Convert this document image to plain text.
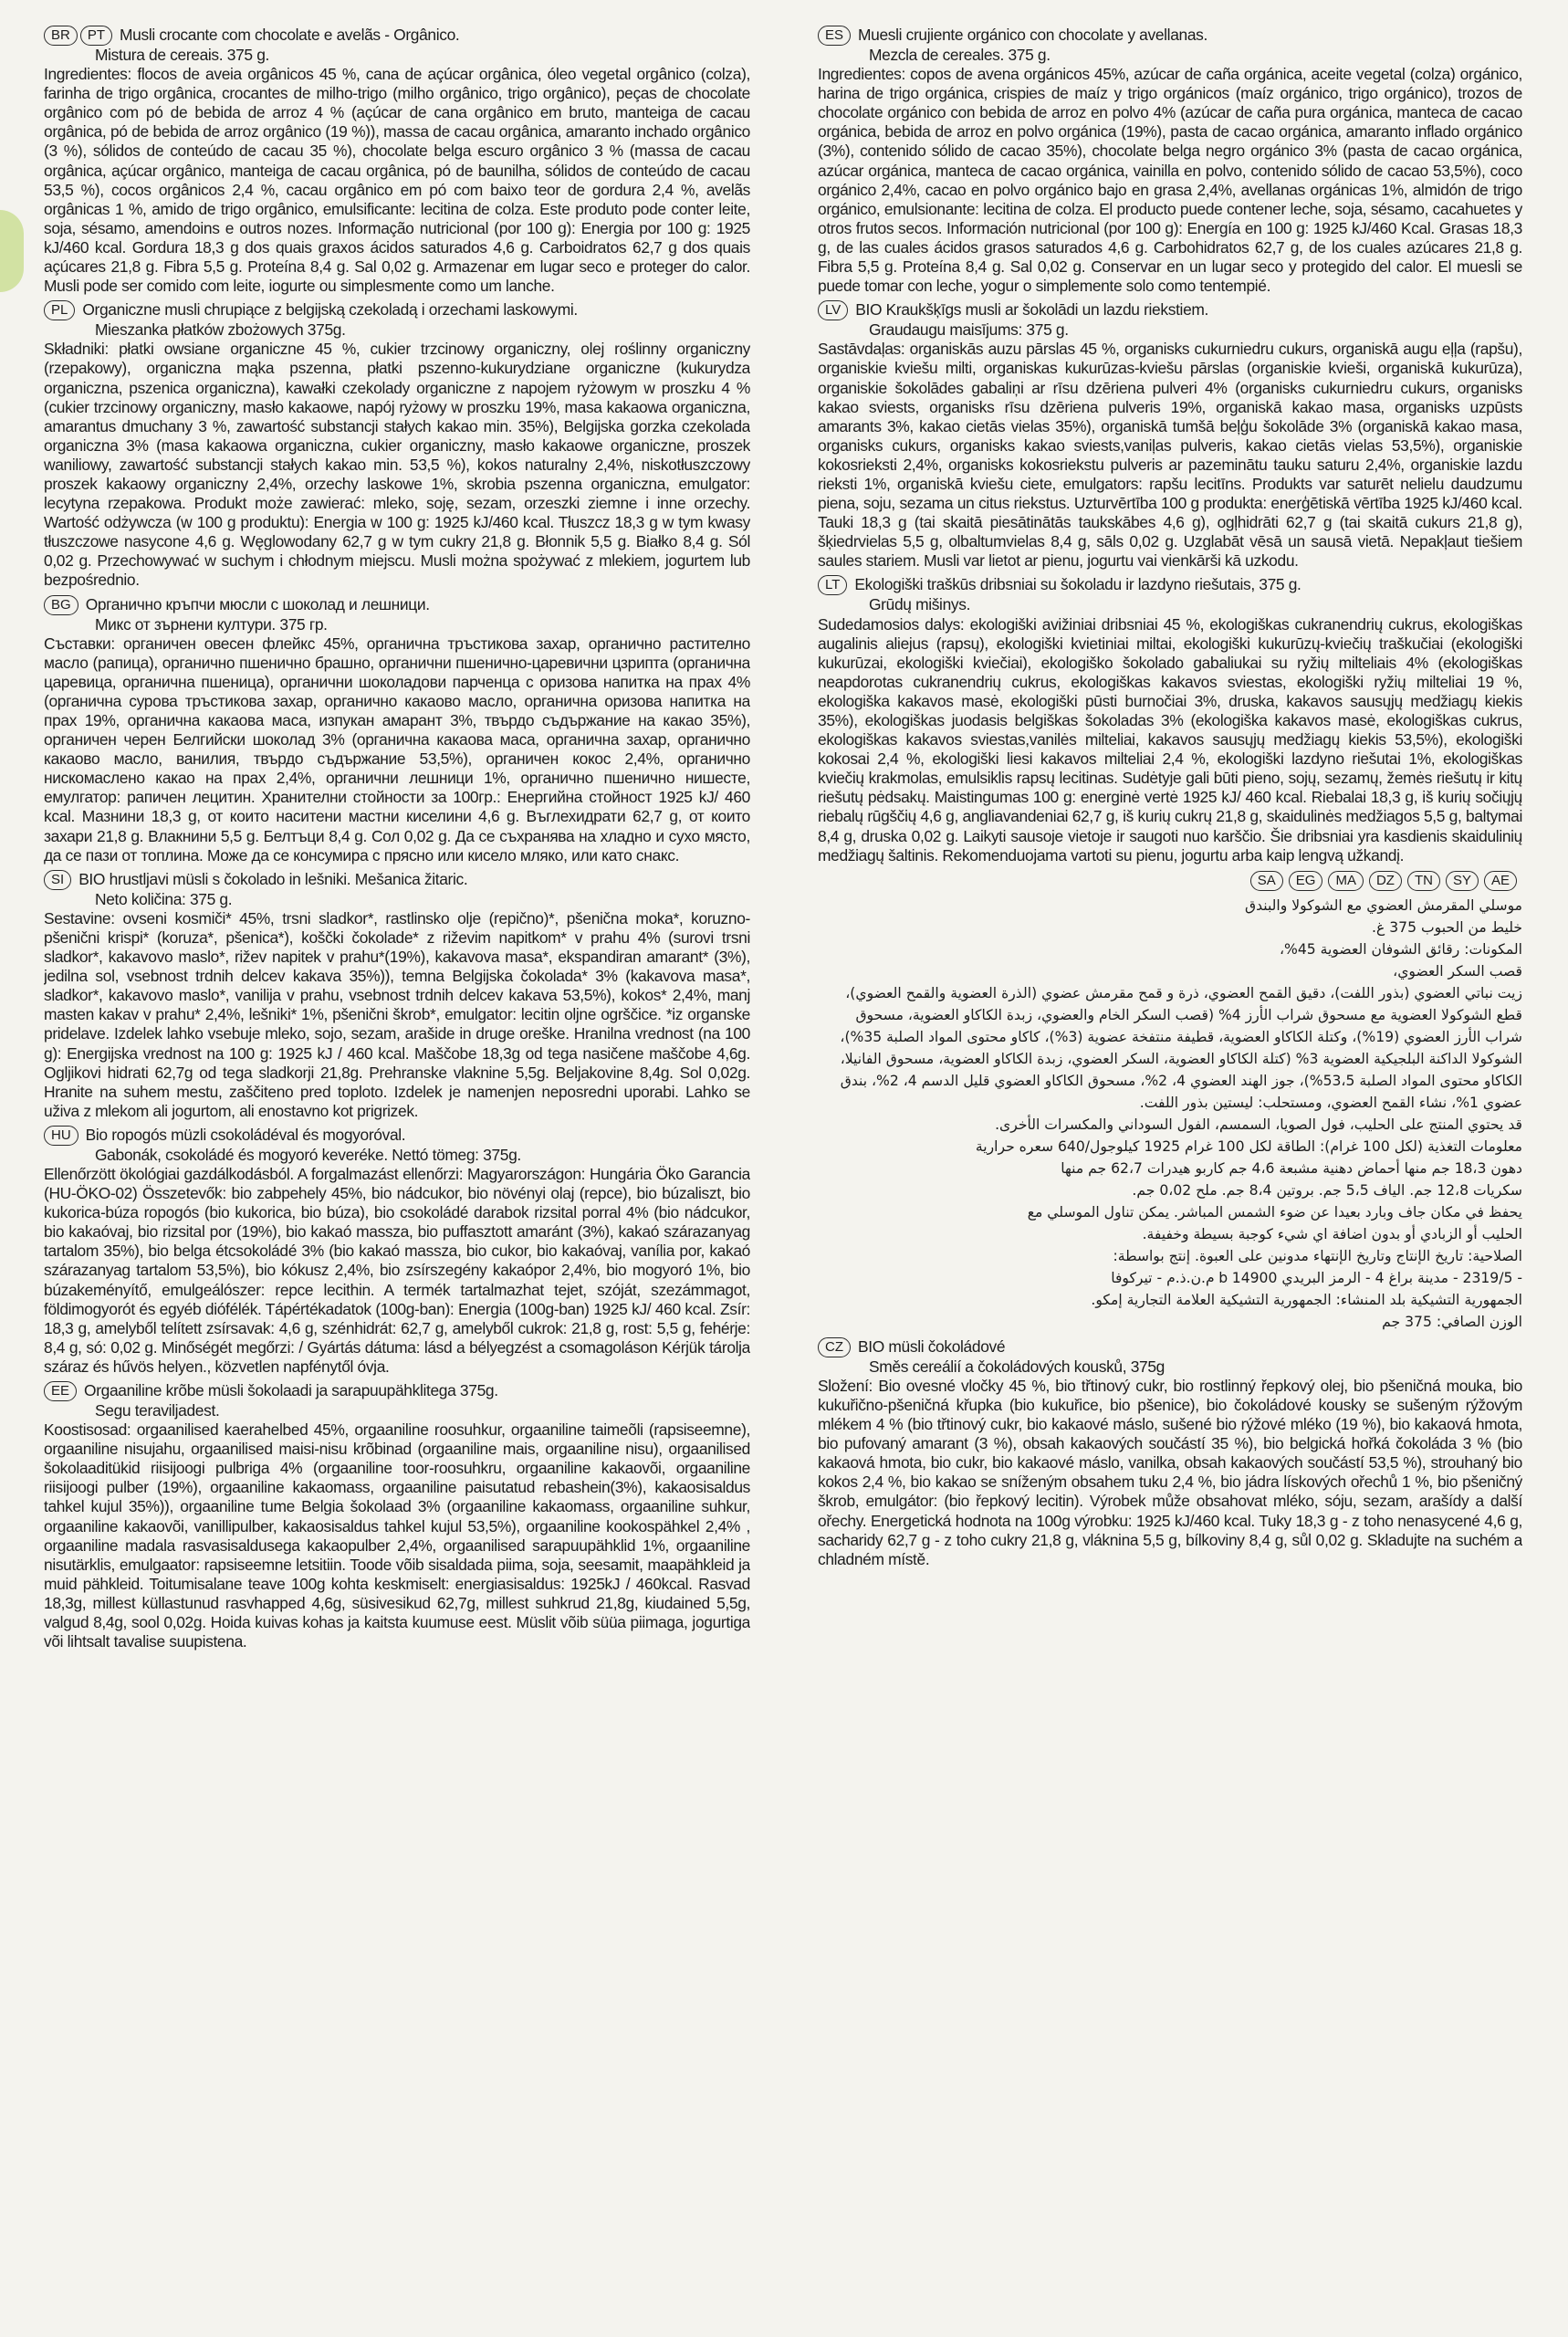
BR	PT Musli crocante com chocolate e avelãs - Orgânico.
Mistura de cereais. 375 g.

Ingredientes: flocos de aveia orgânicos 45 %, cana de açúcar orgânica, óleo vegetal orgânico (colza), farinha de trigo orgânica, crocantes de milho-trigo (milho orgânico, trigo orgânico), peças de chocolate orgânico com pó de bebida de arroz 4 % (açúcar de cana orgânico em bruto, manteiga de cacau orgânica, pó de bebida de arroz orgânico (19 %)), massa de cacau orgânica, amaranto inchado orgânico (3 %), sólidos de conteúdo de cacau 35 %), chocolate belga escuro orgânico 3 % (massa de cacau orgânica, açúcar orgânico, manteiga de cacau orgânica, pó de baunilha, sólidos de conteúdo de cacau 53,5 %), cocos orgânicos 2,4 %, cacau orgânico em pó com baixo teor de gordura 2,4 %, avelãs orgânicas 1 %, amido de trigo orgânico, emulsificante: lecitina de colza. Este produto pode conter leite, soja, sésamo, amendoins e outros nozes. Informação nutricional (por 100 g): Energia por 100 g: 1925 kJ/460 kcal. Gordura 18,3 g dos quais graxos ácidos saturados 4,6 g. Carboidratos 62,7 g dos quais açúcares 21,8 g. Fibra 5,5 g. Proteína 8,4 g. Sal 0,02 g. Armazenar em lugar seco e proteger do calor. Musli pode ser comido com leite, iogurte ou simplesmente como um lanche.

PL Organiczne musli chrupiące z belgijską czekoladą i orzechami laskowymi.
Mieszanka płatków zbożowych 375g.

Składniki: płatki owsiane organiczne 45 %, cukier trzcinowy organiczny, olej roślinny organiczny (rzepakowy), organiczna mąka pszenna, płatki pszenno-kukurydziane organiczne (kukurydza organiczna, pszenica organiczna), kawałki czekolady organiczne z napojem ryżowym w proszku 4 % (cukier trzcinowy organiczny, masło kakaowe, napój ryżowy w proszku 19%, masa kakaowa organiczna, amarantus dmuchany 3 %, zawartość substancji stałych kakao min. 35%), Belgijska gorzka czekolada organiczna 3% (masa kakaowa organiczna, cukier organiczny, masło kakaowe organiczne, proszek waniliowy, zawartość substancji stałych kakao min. 53,5 %), kokos naturalny 2,4%, niskotłuszczowy proszek kakaowy organiczny 2,4%, orzechy laskowe 1%, skrobia pszenna organiczna, emulgator: lecytyna rzepakowa. Produkt może zawierać: mleko, soję, sezam, orzeszki ziemne i inne orzechy. Wartość odżywcza (w 100 g produktu): Energia w 100 g: 1925 kJ/460 kcal. Tłuszcz 18,3 g w tym kwasy tłuszczowe nasycone 4,6 g. Węglowodany 62,7 g w tym cukry 21,8 g. Błonnik 5,5 g. Białko 8,4 g. Sól 0,02 g. Przechowywać w suchym i chłodnym miejscu. Musli można spożywać z mlekiem, jogurtem lub bezpośrednio.

BG Органично кръпчи мюсли с шоколад и лешници.
Микс от зърнени култури. 375 гр.

Съставки: органичен овесен флейкс 45%, органична тръстикова захар, органично растително масло (рапица), органично пшенично брашно, органични пшенично-царевични цзрипта (органична царевица, органична пшеница), органични шоколадови парченца с оризова напитка на прах 4% (органична сурова тръстикова захар, органично какаово масло, органична оризова напитка на прах 19%, органична какаова маса, изпукан амарант 3%, твърдо съдържание на какао 35%), органичен черен Белгийски шоколад 3% (органична какаова маса, органична захар, органично какаово масло, ванилия, твърдо съдържание 53,5%), органичен кокос 2,4%, органично нискомаслено какао на прах 2,4%, органични лешници 1%, органично пшенично нишесте, емулгатор: рапичен лецитин. Хранителни стойности за 100гр.: Енергийна стойност 1925 kJ/ 460 kcal. Мазнини 18,3 g, от които наситени мастни киселини 4,6 g. Въглехидрати 62,7 g, от които захари 21,8 g. Влакнини 5,5 g. Белтъци 8,4 g. Сол 0,02 g. Да се съхранява на хладно и сухо място, да се пази от топлина. Може да се консумира с прясно или кисело мляко, или като снакс.

SI BIO hrustljavi müsli s čokolado in lešniki. Mešanica žitaric.
Neto količina: 375 g.

Sestavine: ovseni kosmiči* 45%, trsni sladkor*, rastlinsko olje (repično)*, pšenična moka*, koruzno-pšenični krispi* (koruza*, pšenica*), koščki čokolade* z riževim napitkom* v prahu 4% (surovi trsni sladkor*, kakavovo maslo*, rižev napitek v prahu*(19%), kakavova masa*, ekspandiran amarant* (3%), jedilna sol, vsebnost trdnih delcev kakava 35%)), temna Belgijska čokolada* 3% (kakavova masa*, sladkor*, kakavovo maslo*, vanilija v prahu, vsebnost trdnih delcev kakava 53,5%), kokos* 2,4%, manj masten kakav v prahu* 2,4%, lešniki* 1%, pšenični škrob*, emulgator: lecitin oljne ogrščice. *iz organske pridelave. Izdelek lahko vsebuje mleko, sojo, sezam, arašide in druge oreške. Hranilna vrednost (na 100 g): Energijska vrednost na 100 g: 1925 kJ / 460 kcal. Maščobe 18,3g od tega nasičene maščobe 4,6g. Ogljikovi hidrati 62,7g od tega sladkorji 21,8g. Prehranske vlaknine 5,5g. Beljakovine 8,4g. Sol 0,02g. Hranite na suhem mestu, zaščiteno pred toploto. Izdelek je namenjen neposredni uporabi. Lahko se uživa z mlekom ali jogurtom, ali enostavno kot prigrizek.

HU Bio ropogós müzli csokoládéval és mogyoróval.
Gabonák, csokoládé és mogyoró keveréke. Nettó tömeg: 375g.

Ellenőrzött ökológiai gazdálkodásból. A forgalmazást ellenőrzi: Magyarországon: Hungária Öko Garancia (HU-ÖKO-02) Összetevők: bio zabpehely 45%, bio nádcukor, bio növényi olaj (repce), bio búzaliszt, bio kukorica-búza ropogós (bio kukorica, bio búza), bio csokoládé darabok rizsital porral 4% (bio nádcukor, bio kakaóvaj, bio rizsital por (19%), bio kakaó massza, bio puffasztott amaránt (3%), kakaó szárazanyag tartalom 35%), bio belga étcsokoládé 3% (bio kakaó massza, bio cukor, bio kakaóvaj, vanília por, kakaó szárazanyag tartalom 53,5%), bio kókusz 2,4%, bio zsírszegény kakaópor 2,4%, bio mogyoró 1%, bio búzakeményítő, emulgeálószer: repce lecithin. A termék tartalmazhat tejet, szóját, szezámmagot, földimogyorót és egyéb diófélék. Tápértékadatok (100g-ban): Energia (100g-ban) 1925 kJ/ 460 kcal. Zsír: 18,3 g, amelyből telített zsírsavak: 4,6 g, szénhidrát: 62,7 g, amelyből cukrok: 21,8 g, rost: 5,5 g, fehérje: 8,4 g, só: 0,02 g. Minőségét megőrzi: / Gyártás dátuma: lásd a bélyegzést a csomagoláson Kérjük tárolja száraz és hűvös helyen., közvetlen napfénytől óvja.

EE Orgaaniline krõbe müsli šokolaadi ja sarapuupähklitega 375g.
Segu teraviljadest.

Koostisosad: orgaanilised kaerahelbed 45%, orgaaniline roosuhkur, orgaaniline taimeõli (rapsiseemne), orgaaniline nisujahu, orgaanilised maisi-nisu krõbinad (orgaaniline mais, orgaaniline nisu), orgaanilised šokolaaditükid riisijoogi pulbriga 4% (orgaaniline toor-roosuhkru, orgaaniline kakaovõi, orgaaniline riisijoogi pulber (19%), orgaaniline kakaomass, orgaaniline paisutatud rebashein(3%), kakaosisaldus tahkel kujul 35%)), orgaaniline tume Belgia šokolaad 3% (orgaaniline kakaomass, orgaaniline suhkur, orgaaniline kakaovõi, vanillipulber, kakaosisaldus tahkel kujul 53,5%), orgaaniline kookospähkel 2,4% , orgaaniline madala rasvasisaldusega kakaopulber 2,4%, orgaanilised sarapuupähklid 1%, orgaaniline nisutärklis, emulgaator: rapsiseemne letsitiin. Toode võib sisaldada piima, soja, seesamit, maapähkleid ja muid pähkleid. Toitumisalane teave 100g kohta keskmiselt: energiasisaldus: 1925kJ / 460kcal. Rasvad 18,3g, millest küllastunud rasvhapped 4,6g, süsivesikud 62,7g, millest suhkrud 21,8g, kiudained 5,5g, valgud 8,4g, sool 0,02g. Hoida kuivas kohas ja kaitsta kuumuse eest. Müslit võib süüa piimaga, jogurtiga või lihtsalt tavalise suupistena.

ES Muesli crujiente orgánico con chocolate y avellanas.
Mezcla de cereales. 375 g.

Ingredientes: copos de avena orgánicos 45%, azúcar de caña orgánica, aceite vegetal (colza) orgánico, harina de trigo orgánica, crispies de maíz y trigo orgánicos (maíz orgánico, trigo orgánico), trozos de chocolate orgánico con bebida de arroz en polvo 4% (azúcar de caña pura orgánica, manteca de cacao orgánica, bebida de arroz en polvo orgánica (19%), pasta de cacao orgánica, amaranto inflado orgánico (3%), contenido sólido de cacao 35%), chocolate belga negro orgánico 3% (pasta de cacao orgánica, azúcar orgánica, manteca de cacao orgánica, vainilla en polvo, contenido sólido de cacao 53,5%), coco orgánico 2,4%, cacao en polvo orgánico bajo en grasa 2,4%, avellanas orgánicas 1%, almidón de trigo orgánico, emulsionante: lecitina de colza. El producto puede contener leche, soja, sésamo, cacahuetes y otros frutos secos. Información nutricional (por 100 g): Energía en 100 g: 1925 kJ/460 Kcal. Grasas 18,3 g, de las cuales ácidos grasos saturados 4,6 g. Carbohidratos 62,7 g, de los cuales azúcares 21,8 g. Fibra 5,5 g. Proteína 8,4 g. Sal 0,02 g. Conservar en un lugar seco y protegido del calor. El muesli se puede tomar con leche, yogur o simplemente solo como tentempié.

LV BIO Kraukšķīgs musli ar šokolādi un lazdu riekstiem.
Graudaugu maisījums: 375 g.

Sastāvdaļas: organiskās auzu pārslas 45 %, organisks cukurniedru cukurs, organiskā augu eļļa (rapšu), organiskie kviešu milti, organiskas kukurūzas-kviešu pārslas (organiskie kvieši, organiskā kukurūza), organiskie šokolādes gabaliņi ar rīsu dzēriena pulveri 4% (organisks cukurniedru cukurs, organisks kakao sviests, organisks rīsu dzēriena pulveris 19%, organiskā kakao masa, organisks uzpūsts amarants 3%, kakao cietās vielas 35%), organiskā tumšā beļģu šokolāde 3% (organiskā kakao masa, organisks cukurs, organisks kakao sviests,vaniļas pulveris, kakao cietās vielas 53,5%), organiskie kokosrieksti 2,4%, organisks kokosriekstu pulveris ar pazeminātu tauku saturu 2,4%, organiskie lazdu rieksti 1%, organiskā kviešu ciete, emulgators: rapšu lecitīns. Produkts var saturēt nelielu daudzumu piena, soju, sezama un citus riekstus. Uzturvērtība 100 g produkta: enerģētiskā vērtība 1925 kJ/460 kcal. Tauki 18,3 g (tai skaitā piesātinātās taukskābes 4,6 g), ogļhidrāti 62,7 g (tai skaitā cukurs 21,8 g), šķiedrvielas 5,5 g, olbaltumvielas 8,4 g, sāls 0,02 g. Uzglabāt vēsā un sausā vietā. Nepakļaut tiešiem saules stariem. Musli var lietot ar pienu, jogurtu vai vienkārši kā uzkodu.

LT Ekologiški traškūs dribsniai su šokoladu ir lazdyno riešutais, 375 g.
Grūdų mišinys.

Sudedamosios dalys: ekologiški avižiniai dribsniai 45 %, ekologiškas cukranendrių cukrus, ekologiškas augalinis aliejus (rapsų), ekologiški kvietiniai miltai, ekologiški kukurūzų-kviečių traškučiai (ekologiški kukurūzai, ekologiški kviečiai), ekologiško šokolado gabaliukai su ryžių milteliais 4% (ekologiškas neapdorotas cukranendrių cukrus, ekologiškas kakavos sviestas, ekologiški ryžių milteliai 19 %, ekologiška kakavos masė, ekologiški pūsti burnočiai 3%, druska, kakavos sausųjų medžiagų kiekis 35%), ekologiškas juodasis belgiškas šokoladas 3% (ekologiška kakavos masė, ekologiškas cukrus, ekologiškas kakavos sviestas,vanilės milteliai, kakavos sausųjų medžiagų kiekis 53,5%), ekologiški kokosai 2,4 %, ekologiški liesi kakavos milteliai 2,4 %, ekologiški lazdyno riešutai 1%, ekologiškas kviečių krakmolas, emulsiklis rapsų lecitinas. Sudėtyje gali būti pieno, sojų, sezamų, žemės riešutų ir kitų riešutų pėdsakų. Maistingumas 100 g: energinė vertė 1925 kJ/ 460 kcal. Riebalai 18,3 g, iš kurių sočiųjų riebalų rūgščių 4,6 g, angliavandeniai 62,7 g, iš kurių cukrų 21,8 g, skaidulinės medžiagos 5,5 g, baltymai 8,4 g, druska 0,02 g. Laikyti sausoje vietoje ir saugoti nuo karščio. Šie dribsniai yra kasdienis skaidulinių medžiagų šaltinis. Rekomenduojama vartoti su pienu, jogurtu arba kaip lengvą užkandį.

SA	EG	MA	DZ	TN	SY	AE

موسلي المقرمش العضوي مع الشوكولا والبندق

خليط من الحبوب 375 غ.

المكونات: رقائق الشوفان العضوية 45%،

قصب السكر العضوي،

زيت نباتي العضوي (بذور اللفت)، دقيق القمح العضوي، ذرة و قمح مقرمش عضوي (الذرة العضوية والقمح العضوي)،

قطع الشوكولا العضوية مع مسحوق شراب الأرز 4% (قصب السكر الخام والعضوي، زبدة الكاكاو العضوية، مسحوق شراب الأرز العضوي (19%)، وكتلة الكاكاو العضوية، قطيفة منتفخة عضوية (3%)، كاكاو محتوى المواد الصلبة 35%)، الشوكولا الداكنة البلجيكية العضوية 3% (كتلة الكاكاو العضوية، السكر العضوي، زبدة الكاكاو العضوية، مسحوق الفانيلا، الكاكاو محتوى المواد الصلبة 53،5%)، جوز الهند العضوي 4، 2%، مسحوق الكاكاو العضوي قليل الدسم 4، 2%، بندق عضوي 1%، نشاء القمح العضوي، ومستحلب: ليستين بذور اللفت.

قد يحتوي المنتج على الحليب، فول الصويا، السمسم، الفول السوداني والمكسرات الأخرى.

معلومات التغذية (لكل 100 غرام): الطاقة لكل 100 غرام 1925 كيلوجول/640 سعره حرارية

دهون 18،3 جم منها أحماض دهنية مشبعة 4،6 جم كاربو هيدرات 62،7 جم منها

سكريات 12،8 جم. الياف 5،5 جم. بروتين 8،4 جم. ملح 0،02 جم.

يحفظ في مكان جاف وبارد بعيدا عن ضوء الشمس المباشر. يمكن تناول الموسلي مع

الحليب أو الزبادي أو بدون اضافة اي شيء كوجبة بسيطة وخفيفة.

الصلاحية: تاريخ الإنتاج وتاريخ الإنتهاء مدونين على العبوة. إنتج بواسطة:

- 2319/5 - مدينة براغ 4 - الرمز البريدي 14900 b م.ن.ذ.م - تيركوفا

الجمهورية التشيكية بلد المنشاء: الجمهورية التشيكية العلامة التجارية إمكو.

الوزن الصافي: 375 جم

CZ BIO müsli čokoládové
Směs cereálií a čokoládových kousků, 375g

Složení: Bio ovesné vločky 45 %, bio třtinový cukr, bio rostlinný řepkový olej, bio pšeničná mouka, bio kukuřično-pšeničná křupka (bio kukuřice, bio pšenice), bio čokoládové kousky se sušeným rýžovým mlékem 4 % (bio třtinový cukr, bio kakaové máslo, sušené bio rýžové mléko (19 %), bio kakaová hmota, bio pufovaný amarant (3 %), obsah kakaových součástí 35 %), bio belgická hořká čokoláda 3 % (bio kakaová hmota, bio cukr, bio kakaové máslo, vanilka, obsah kakaových součástí 53,5 %), strouhaný bio kokos 2,4 %, bio kakao se sníženým obsahem tuku 2,4 %, bio jádra lískových ořechů 1 %, bio pšeničný škrob, emulgátor: (bio řepkový lecitin). Výrobek může obsahovat mléko, sóju, sezam, arašídy a další ořechy. Energetická hodnota na 100g výrobku: 1925 kJ/460 kcal. Tuky 18,3 g - z toho nenasycené 4,6 g, sacharidy 62,7 g - z toho cukry 21,8 g, vláknina 5,5 g, bílkoviny 8,4 g, sůl 0,02 g. Skladujte na suchém a chladném místě.
